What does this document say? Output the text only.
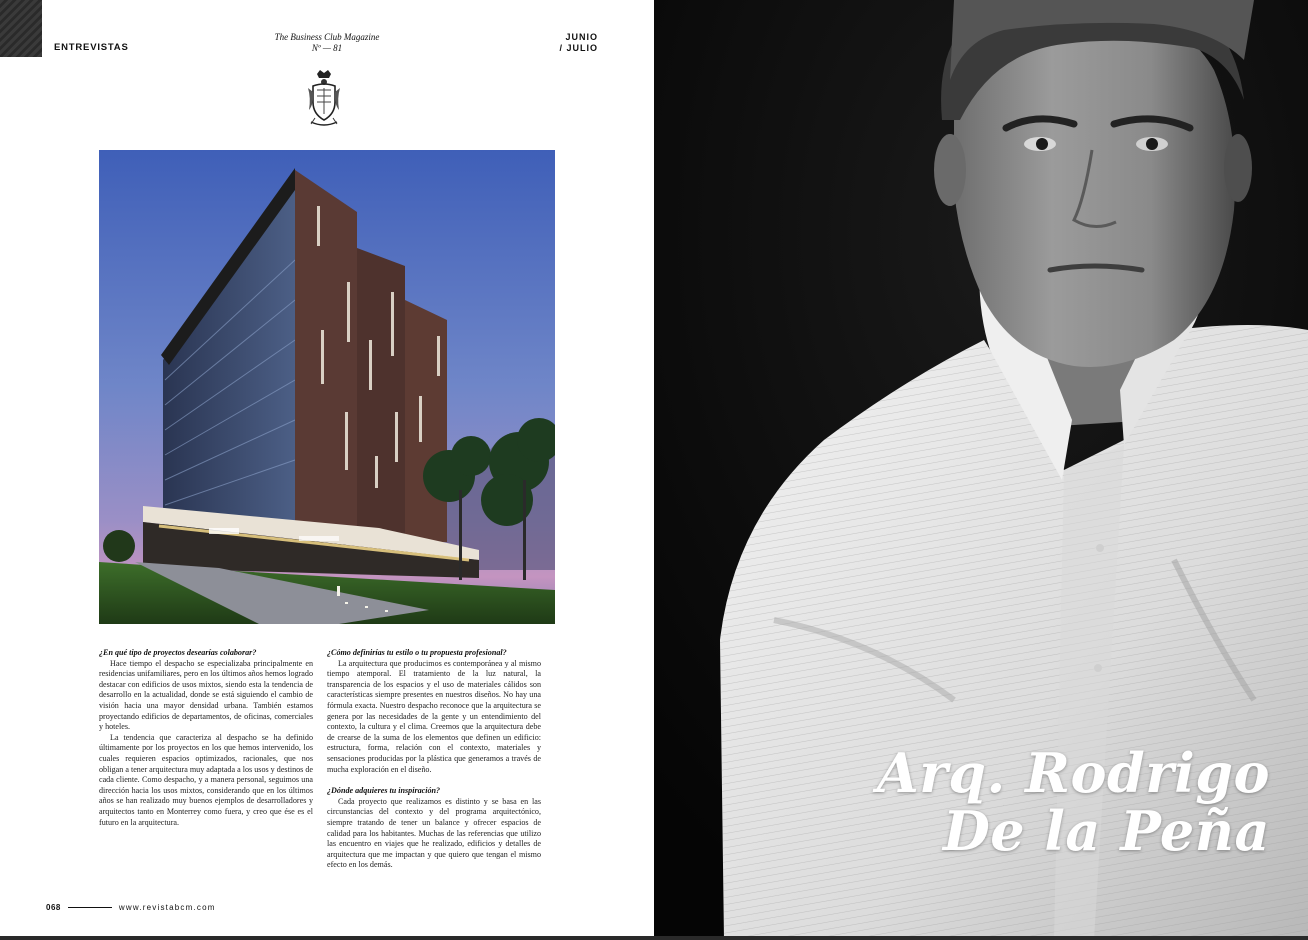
ENTREVISTAS
The Business Club Magazine
Nº — 81
JUNIO
/ JULIO
¿En qué tipo de proyectos desearías colaborar?
Hace tiempo el despacho se especializaba principalmente en residencias unifamiliares, pero en los últimos años hemos logrado destacar con edificios de usos mixtos, siendo esta la tendencia de desarrollo en la actualidad, donde se está siguiendo el cambio de visión hacia una mayor densidad urbana. También estamos proyectando edificios de departamentos, de oficinas, comerciales y hoteles.
La tendencia que caracteriza al despacho se ha definido últimamente por los proyectos en los que hemos intervenido, los cuales requieren espacios optimizados, racionales, que nos obligan a tener arquitectura muy adaptada a los usos y destinos de cada cliente. Como despacho, y a manera personal, seguimos una dirección hacia los usos mixtos, considerando que en los últimos años se han realizado muy buenos ejemplos de desarrolladores y arquitectos tanto en Monterrey como fuera, y creo que ése es el futuro en la arquitectura.
¿Cómo definirías tu estilo o tu propuesta profesional?
La arquitectura que producimos es contemporánea y al mismo tiempo atemporal. El tratamiento de la luz natural, la transparencia de los espacios y el uso de materiales cálidos son características siempre presentes en nuestros diseños. No hay una fórmula exacta. Nuestro despacho reconoce que la arquitectura se genera por las necesidades de la gente y un entendimiento del contexto, la cultura y el clima. Creemos que la arquitectura debe de crearse de la suma de los elementos que definen un edificio: estructura, forma, relación con el contexto, materiales y sensaciones producidas por la plástica que generamos a través de mucha exploración en el diseño.
¿Dónde adquieres tu inspiración?
Cada proyecto que realizamos es distinto y se basa en las circunstancias del contexto y del programa arquitectónico, siempre tratando de tener un balance y ofrecer espacios de calidad para los habitantes. Muchas de las referencias que utilizo las encuentro en viajes que he realizado, edificios y detalles de arquitectura que me impactan y que quiero que tengan el mismo efecto en los demás.
068	www.revistabcm.com
Arq. Rodrigo
De la Peña
